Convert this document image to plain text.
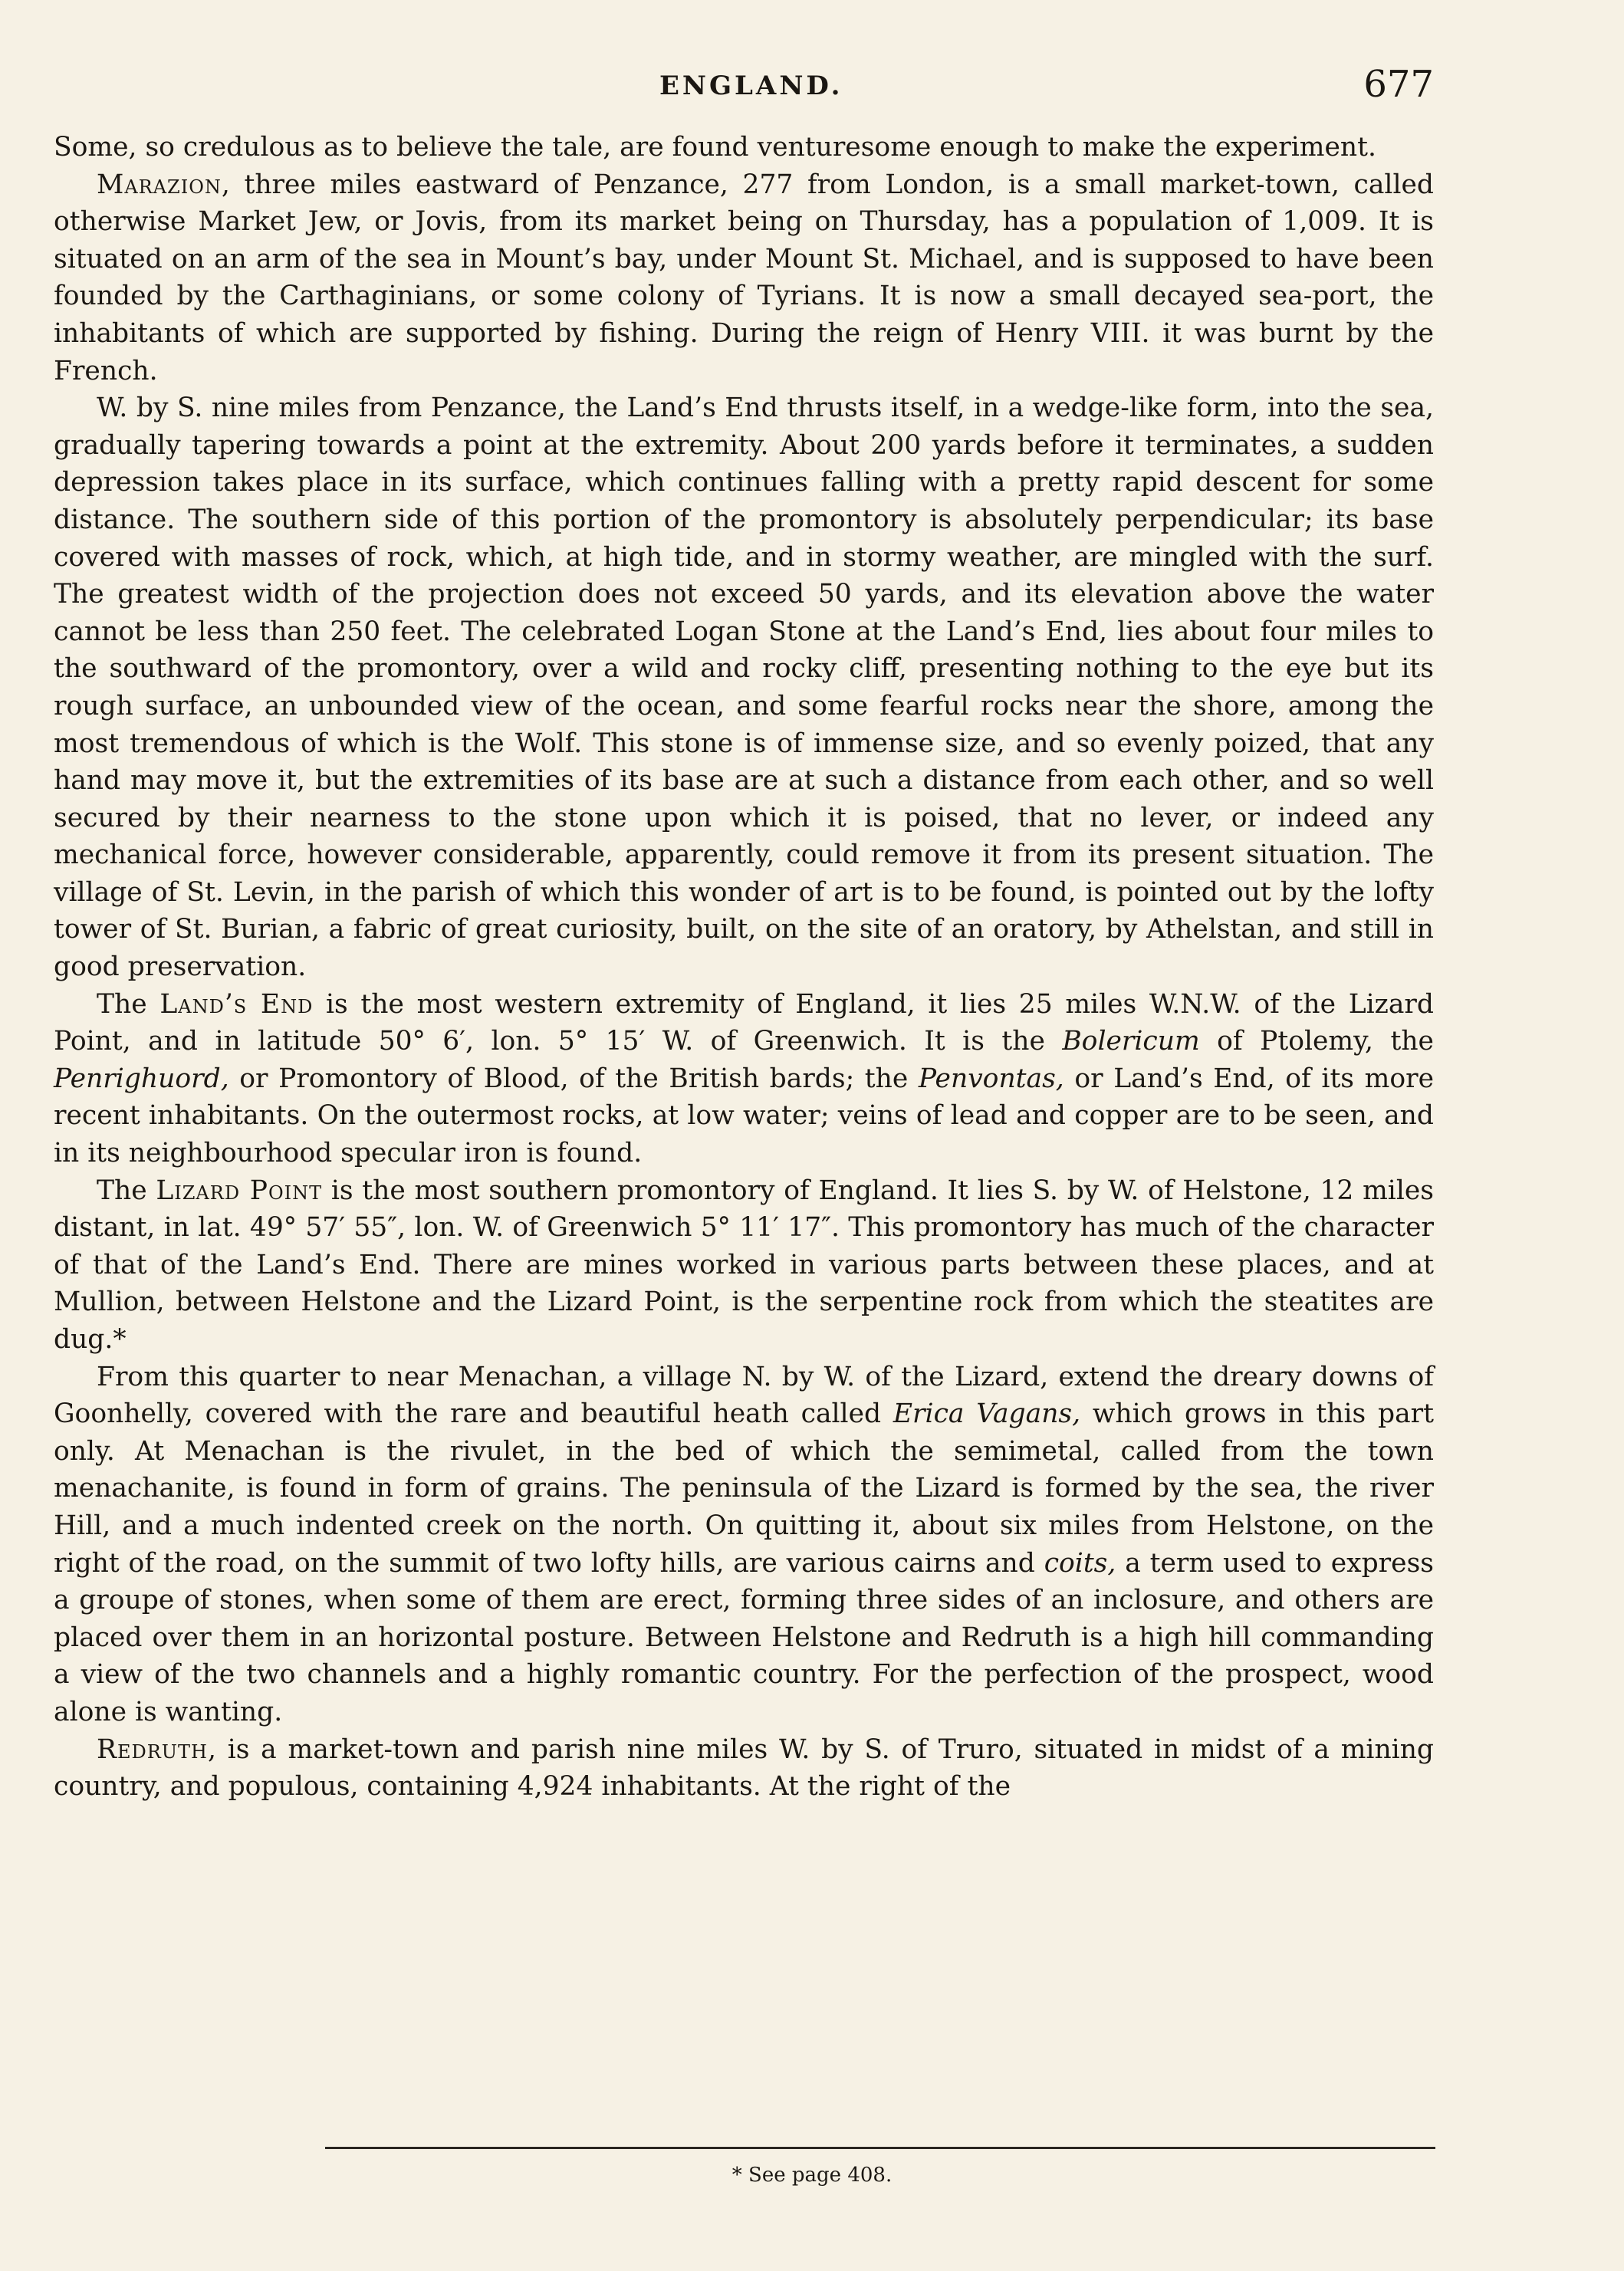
ENGLAND.	677

Some, so credulous as to believe the tale, are found venturesome enough to make the experiment.

Marazion, three miles eastward of Penzance, 277 from London, is a small market-town, called otherwise Market Jew, or Jovis, from its market being on Thursday, has a population of 1,009. It is situated on an arm of the sea in Mount’s bay, under Mount St. Michael, and is supposed to have been founded by the Carthaginians, or some colony of Tyrians. It is now a small decayed sea-port, the inhabitants of which are supported by fishing. During the reign of Henry VIII. it was burnt by the French.

W. by S. nine miles from Penzance, the Land’s End thrusts itself, in a wedge-like form, into the sea, gradually tapering towards a point at the extremity. About 200 yards before it terminates, a sudden depression takes place in its surface, which continues falling with a pretty rapid descent for some distance. The southern side of this portion of the promontory is absolutely perpendicular; its base covered with masses of rock, which, at high tide, and in stormy weather, are mingled with the surf. The greatest width of the projection does not exceed 50 yards, and its elevation above the water cannot be less than 250 feet. The celebrated Logan Stone at the Land’s End, lies about four miles to the southward of the promontory, over a wild and rocky cliff, presenting nothing to the eye but its rough surface, an unbounded view of the ocean, and some fearful rocks near the shore, among the most tremendous of which is the Wolf. This stone is of immense size, and so evenly poized, that any hand may move it, but the extremities of its base are at such a distance from each other, and so well secured by their nearness to the stone upon which it is poised, that no lever, or indeed any mechanical force, however considerable, apparently, could remove it from its present situation. The village of St. Levin, in the parish of which this wonder of art is to be found, is pointed out by the lofty tower of St. Burian, a fabric of great curiosity, built, on the site of an oratory, by Athelstan, and still in good preservation.

The Land’s End is the most western extremity of England, it lies 25 miles W.N.W. of the Lizard Point, and in latitude 50° 6′, lon. 5° 15′ W. of Greenwich. It is the Bolericum of Ptolemy, the Penrighuord, or Promontory of Blood, of the British bards; the Penvontas, or Land’s End, of its more recent inhabitants. On the outermost rocks, at low water; veins of lead and copper are to be seen, and in its neighbourhood specular iron is found.

The Lizard Point is the most southern promontory of England. It lies S. by W. of Helstone, 12 miles distant, in lat. 49° 57′ 55″, lon. W. of Greenwich 5° 11′ 17″. This promontory has much of the character of that of the Land’s End. There are mines worked in various parts between these places, and at Mullion, between Helstone and the Lizard Point, is the serpentine rock from which the steatites are dug.*

From this quarter to near Menachan, a village N. by W. of the Lizard, extend the dreary downs of Goonhelly, covered with the rare and beautiful heath called Erica Vagans, which grows in this part only. At Menachan is the rivulet, in the bed of which the semimetal, called from the town menachanite, is found in form of grains. The peninsula of the Lizard is formed by the sea, the river Hill, and a much indented creek on the north. On quitting it, about six miles from Helstone, on the right of the road, on the summit of two lofty hills, are various cairns and coits, a term used to express a groupe of stones, when some of them are erect, forming three sides of an inclosure, and others are placed over them in an horizontal posture. Between Helstone and Redruth is a high hill commanding a view of the two channels and a highly romantic country. For the perfection of the prospect, wood alone is wanting.

Redruth, is a market-town and parish nine miles W. by S. of Truro, situated in midst of a mining country, and populous, containing 4,924 inhabitants. At the right of the

* See page 408.
